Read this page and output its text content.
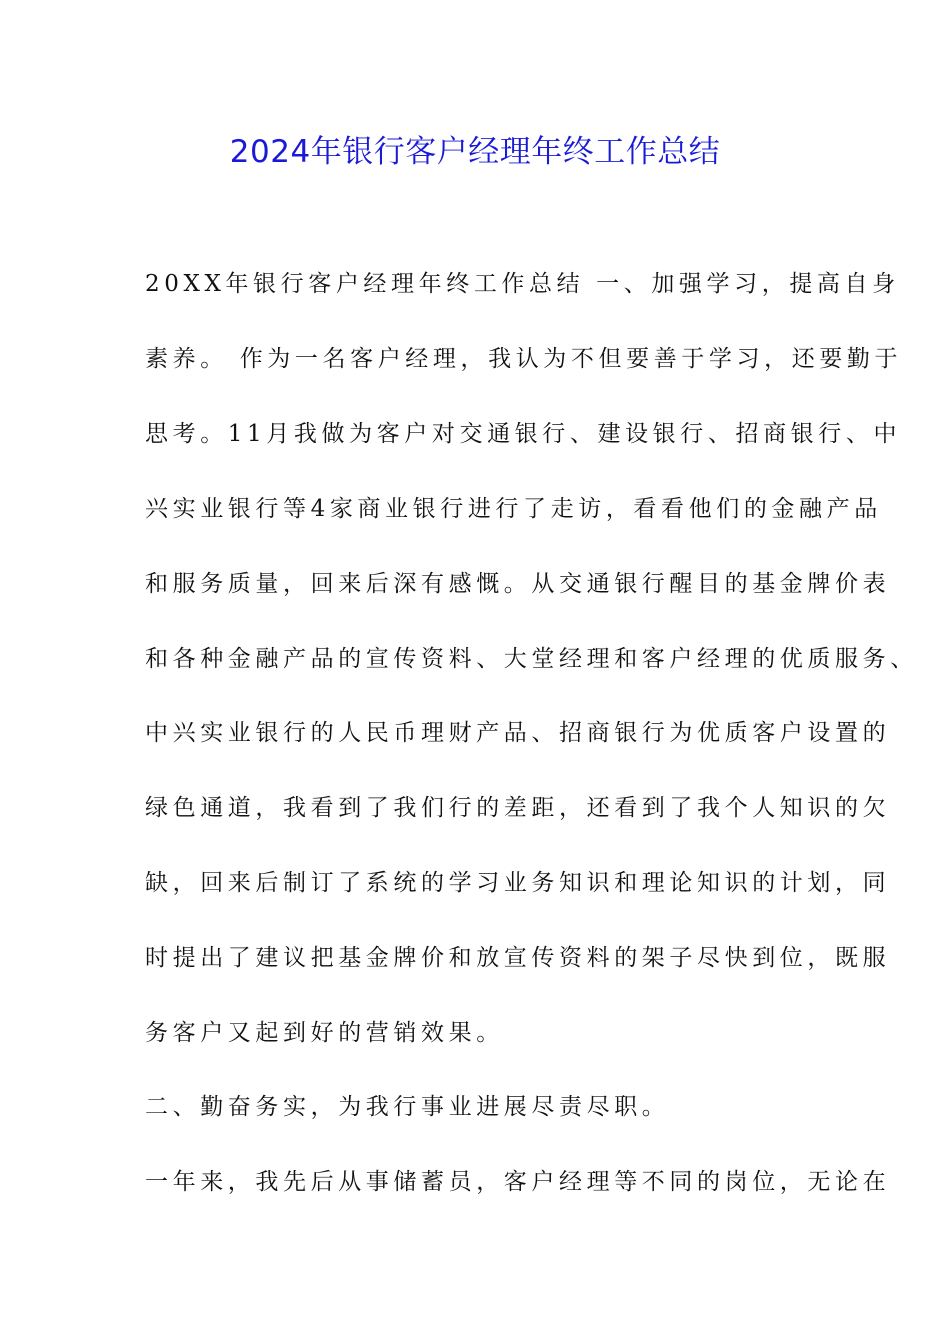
2024年银行客户经理年终工作总结
20XX年银行客户经理年终工作总结 一、加强学习，提高自身
素养。 作为一名客户经理，我认为不但要善于学习，还要勤于
思考。11月我做为客户对交通银行、建设银行、招商银行、中
兴实业银行等4家商业银行进行了走访，看看他们的金融产品
和服务质量，回来后深有感慨。从交通银行醒目的基金牌价表
和各种金融产品的宣传资料、大堂经理和客户经理的优质服务、
中兴实业银行的人民币理财产品、招商银行为优质客户设置的
绿色通道，我看到了我们行的差距，还看到了我个人知识的欠
缺，回来后制订了系统的学习业务知识和理论知识的计划，同
时提出了建议把基金牌价和放宣传资料的架子尽快到位，既服
务客户又起到好的营销效果。
二、勤奋务实，为我行事业进展尽责尽职。
一年来，我先后从事储蓄员，客户经理等不同的岗位，无论在
